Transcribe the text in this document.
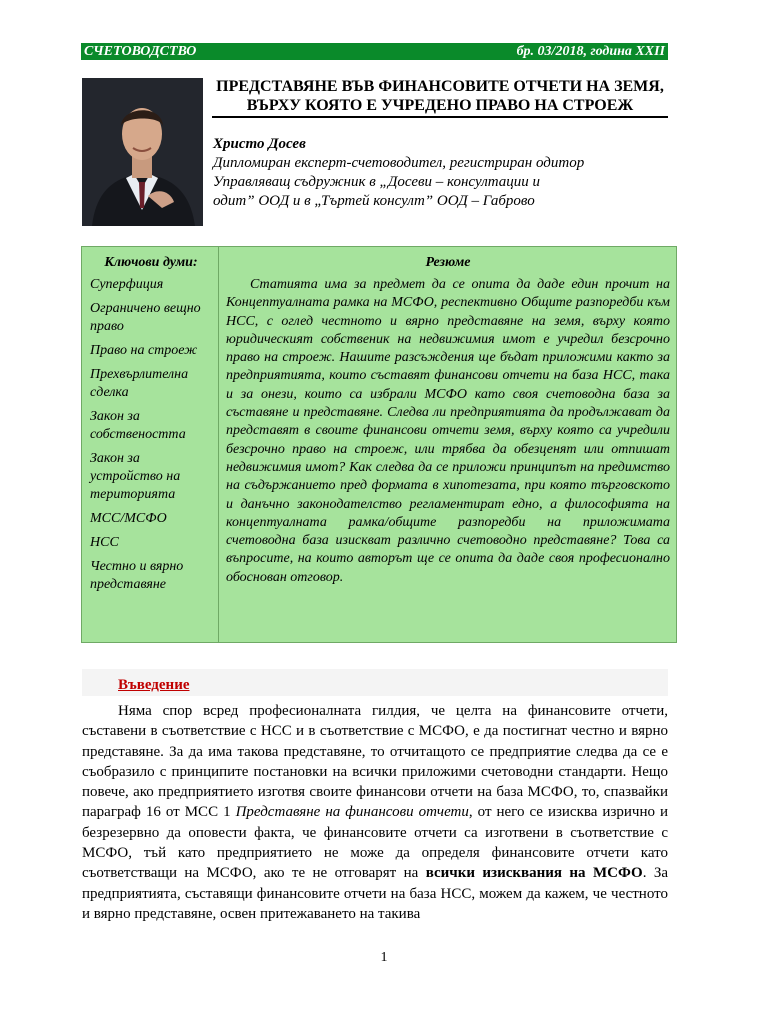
СЧЕТОВОДСТВО	бр. 03/2018, година XXII
ПРЕДСТАВЯНЕ ВЪВ ФИНАНСОВИТЕ ОТЧЕТИ НА ЗЕМЯ, ВЪРХУ КОЯТО Е УЧРЕДЕНО ПРАВО НА СТРОЕЖ
Христо Досев
Дипломиран експерт-счетоводител, регистриран одитор
Управляващ съдружник в „Досеви – консултации и
одит” ООД и в „Търтей консулт” ООД – Габрово
Ключови думи:
Суперфиция
Ограничено вещно право
Право на строеж
Прехвърлителна сделка
Закон за собствеността
Закон за устройство на територията
МСС/МСФО
НСС
Честно и вярно представяне
Резюме
Статията има за предмет да се опита да даде един прочит на Концептуалната рамка на МСФО, респективно Общите разпоредби към НСС, с оглед честното и вярно представяне на земя, върху която юридическият собственик на недвижимия имот е учредил безсрочно право на строеж. Нашите разсъждения ще бъдат приложими както за предприятията, които съставят финансови отчети на база НСС, така и за онези, които са избрали МСФО като своя счетоводна база за съставяне и представяне. Следва ли предприятията да продължават да представят в своите финансови отчети земя, върху която са учредили безсрочно право на строеж, или трябва да обезценят или отпишат недвижимия имот? Как следва да се приложи принципът на предимство на съдържанието пред формата в хипотезата, при която търговското и данъчно законодателство регламентират едно, а философията на концептуалната рамка/общите разпоредби на приложимата счетоводна база изискват различно счетоводно представяне? Това са въпросите, на които авторът ще се опита да даде своя професионално обоснован отговор.
Въведение

Няма спор всред професионалната гилдия, че целта на финансовите отчети, съставени в съответствие с НСС и в съответствие с МСФО, е да постигнат честно и вярно представяне. За да има такова представяне, то отчитащото се предприятие следва да се е съобразило с принципите постановки на всички приложими счетоводни стандарти. Нещо повече, ако предприятието изготвя своите финансови отчети на база МСФО, то, спазвайки параграф 16 от МСС 1 Представяне на финансови отчети, от него се изисква изрично и безрезервно да оповести факта, че финансовите отчети са изготвени в съответствие с МСФО, тъй като предприятието не може да определя финансовите отчети като съответстващи на МСФО, ако те не отговарят на всички изисквания на МСФО. За предприятията, съставящи финансовите отчети на база НСС, можем да кажем, че честното и вярно представяне, освен притежаването на такива

1
